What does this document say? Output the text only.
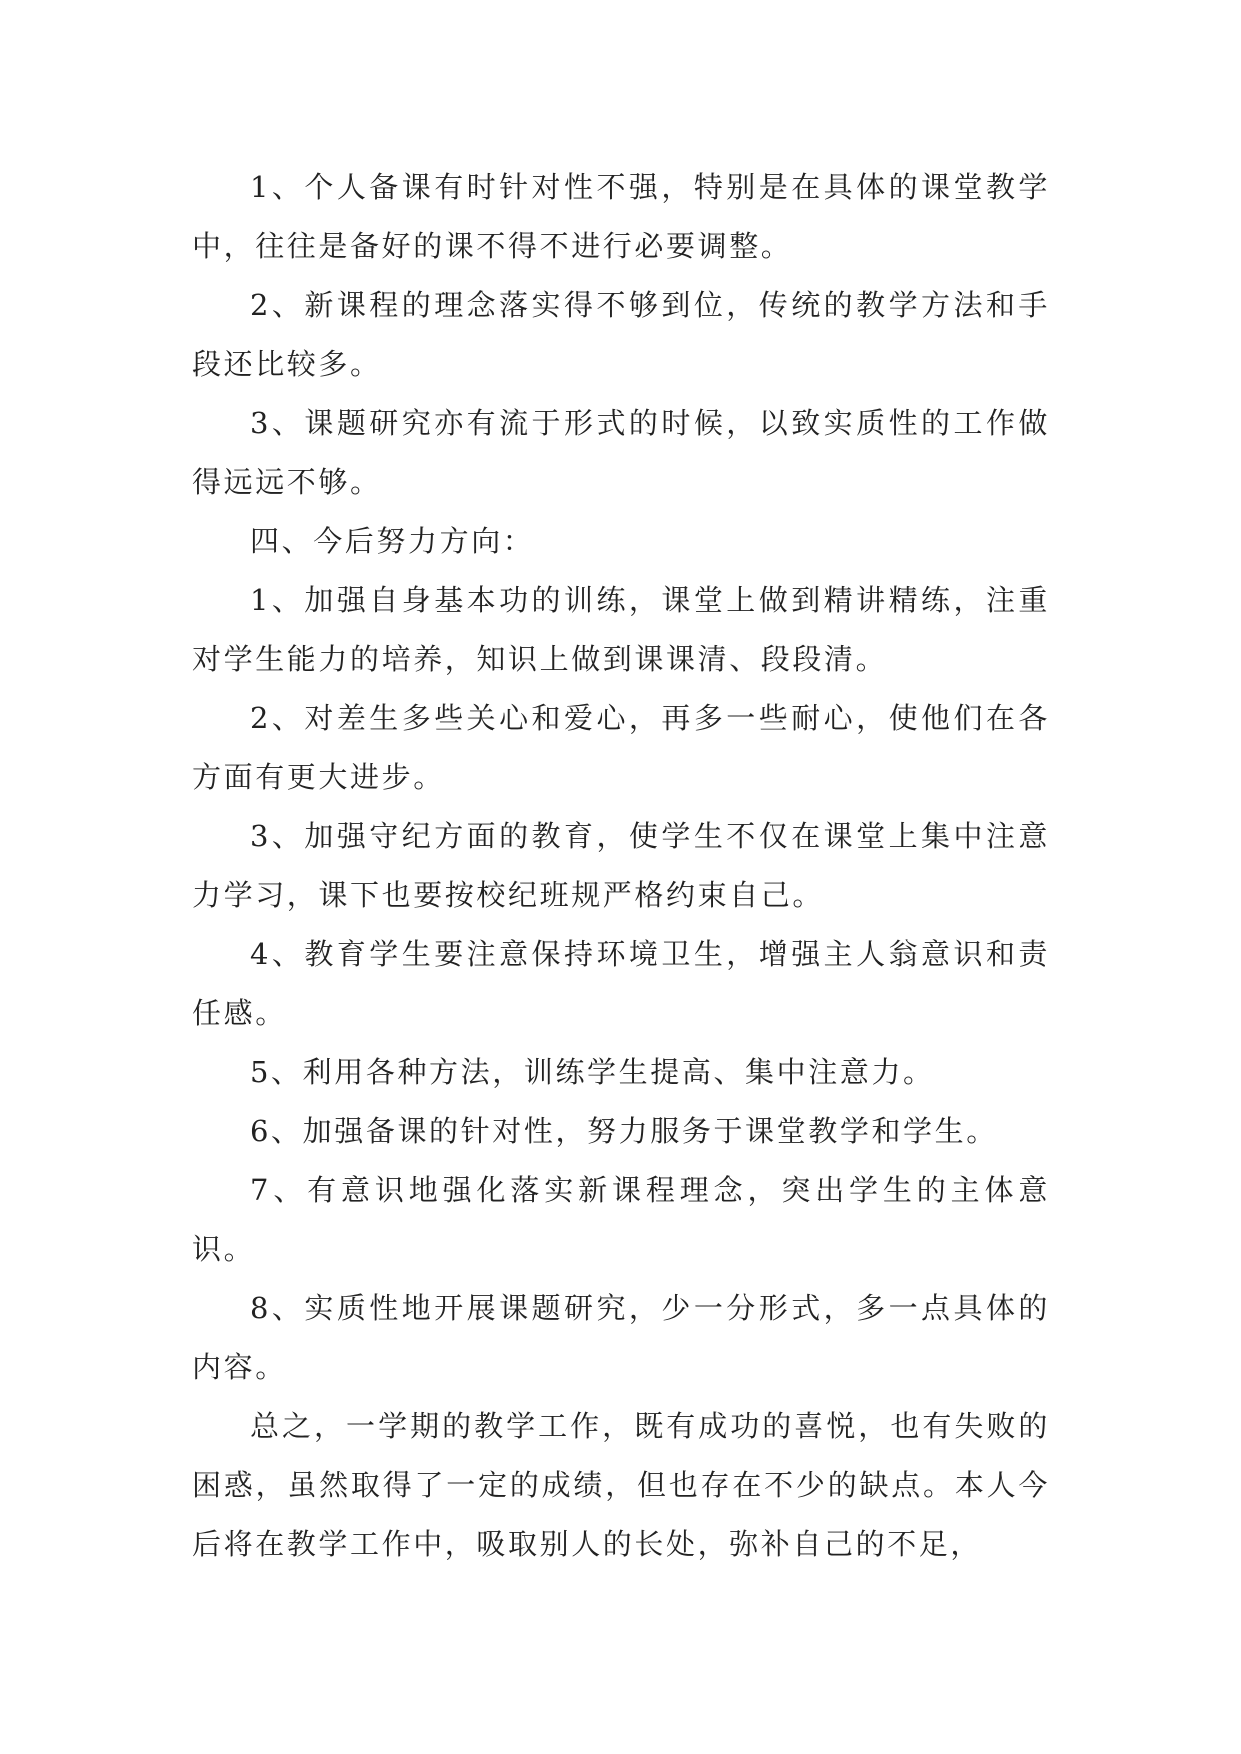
1、个人备课有时针对性不强，特别是在具体的课堂教学中，往往是备好的课不得不进行必要调整。

2、新课程的理念落实得不够到位，传统的教学方法和手段还比较多。

3、课题研究亦有流于形式的时候，以致实质性的工作做得远远不够。

四、今后努力方向：

1、加强自身基本功的训练，课堂上做到精讲精练，注重对学生能力的培养，知识上做到课课清、段段清。

2、对差生多些关心和爱心，再多一些耐心，使他们在各方面有更大进步。

3、加强守纪方面的教育，使学生不仅在课堂上集中注意力学习，课下也要按校纪班规严格约束自己。

4、教育学生要注意保持环境卫生，增强主人翁意识和责任感。

5、利用各种方法，训练学生提高、集中注意力。

6、加强备课的针对性，努力服务于课堂教学和学生。

7、有意识地强化落实新课程理念，突出学生的主体意识。

8、实质性地开展课题研究，少一分形式，多一点具体的内容。

总之，一学期的教学工作，既有成功的喜悦，也有失败的困惑，虽然取得了一定的成绩，但也存在不少的缺点。本人今后将在教学工作中，吸取别人的长处，弥补自己的不足，
